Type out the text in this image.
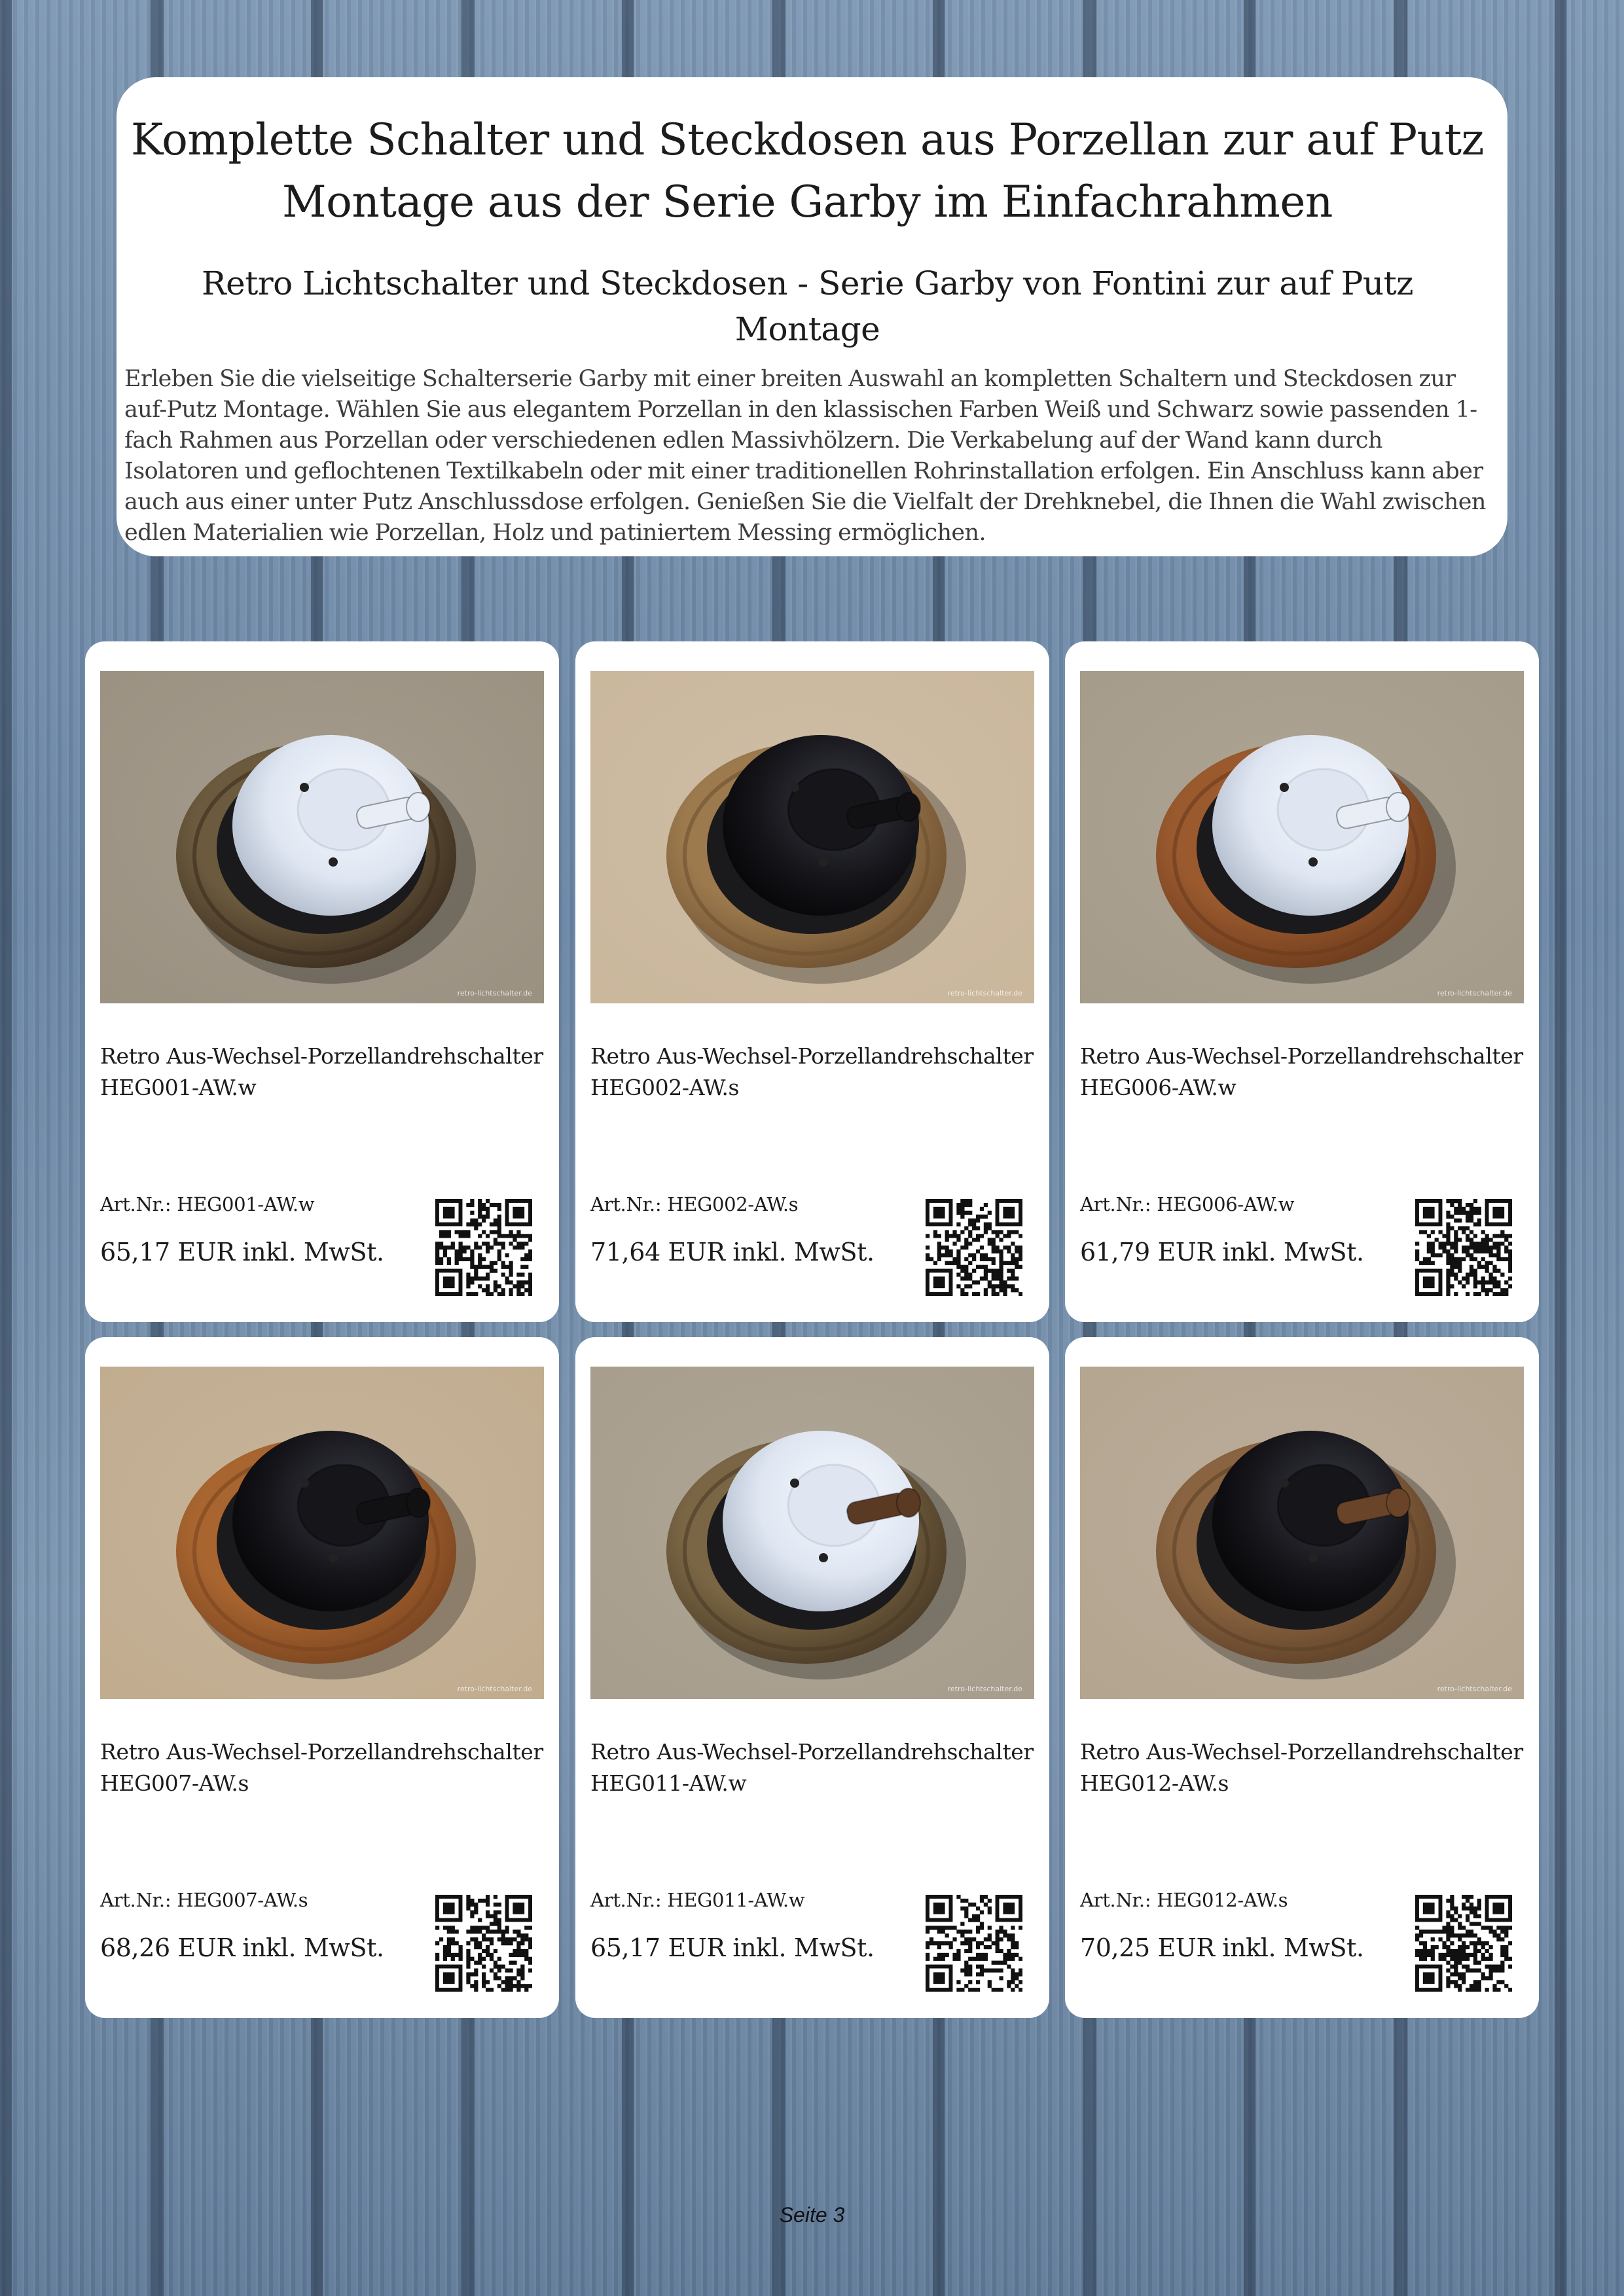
Komplette Schalter und Steckdosen aus Porzellan zur auf Putz
Montage aus der Serie Garby im Einfachrahmen
Retro Lichtschalter und Steckdosen - Serie Garby von Fontini zur auf Putz Montage

Erleben Sie die vielseitige Schalterserie Garby mit einer breiten Auswahl an kompletten Schaltern und Steckdosen zur auf-Putz Montage. Wählen Sie aus elegantem Porzellan in den klassischen Farben Weiß und Schwarz sowie passenden 1-fach Rahmen aus Porzellan oder verschiedenen edlen Massivhölzern. Die Verkabelung auf der Wand kann durch Isolatoren und geflochtenen Textilkabeln oder mit einer traditionellen Rohrinstallation erfolgen. Ein Anschluss kann aber auch aus einer unter Putz Anschlussdose erfolgen. Genießen Sie die Vielfalt der Drehknebel, die Ihnen die Wahl zwischen edlen Materialien wie Porzellan, Holz und patiniertem Messing ermöglichen.

retro-lichtschalter.de
Retro Aus-Wechsel-Porzellandrehschalter
HEG001-AW.w
Art.Nr.: HEG001-AW.w
65,17 EUR inkl. MwSt.
retro-lichtschalter.de
Retro Aus-Wechsel-Porzellandrehschalter
HEG002-AW.s
Art.Nr.: HEG002-AW.s
71,64 EUR inkl. MwSt.
retro-lichtschalter.de
Retro Aus-Wechsel-Porzellandrehschalter
HEG006-AW.w
Art.Nr.: HEG006-AW.w
61,79 EUR inkl. MwSt.
retro-lichtschalter.de
Retro Aus-Wechsel-Porzellandrehschalter
HEG007-AW.s
Art.Nr.: HEG007-AW.s
68,26 EUR inkl. MwSt.
retro-lichtschalter.de
Retro Aus-Wechsel-Porzellandrehschalter
HEG011-AW.w
Art.Nr.: HEG011-AW.w
65,17 EUR inkl. MwSt.
retro-lichtschalter.de
Retro Aus-Wechsel-Porzellandrehschalter
HEG012-AW.s
Art.Nr.: HEG012-AW.s
70,25 EUR inkl. MwSt.
Seite 3
